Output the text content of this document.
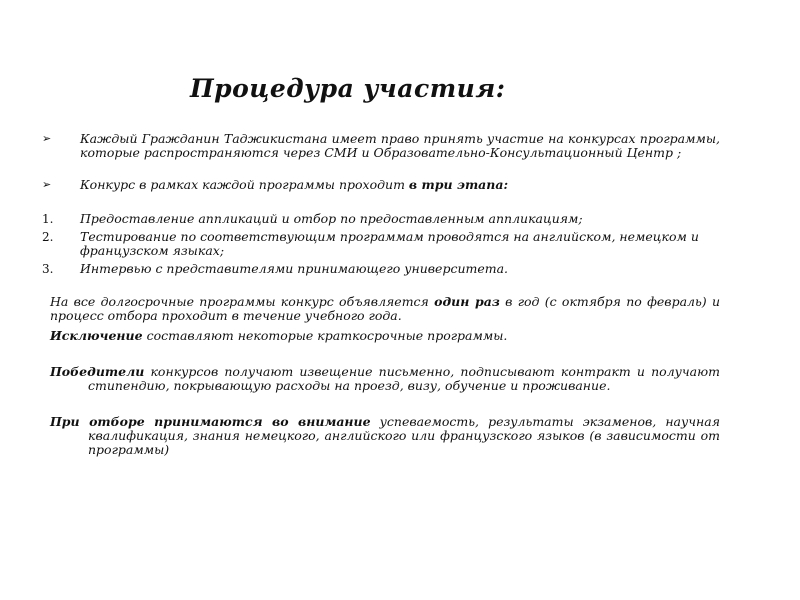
Процедура участия:
➢	Каждый Гражданин Таджикистана имеет право принять участие на конкурсах программы, которые распространяются через СМИ и Образовательно-Консультационный Центр ;
➢	Конкурс в рамках каждой программы проходит в три этапа:
1.	Предоставление аппликаций и отбор по предоставленным аппликациям;
2.	Тестирование по соответствующим программам проводятся на английском, немецком и французском языках;
3.	Интервью с представителями принимающего университета.
На все долгосрочные программы конкурс объявляется один раз в год (с октября по февраль) и процесс отбора проходит в течение учебного года.
Исключение составляют некоторые краткосрочные программы.
Победители конкурсов получают извещение письменно, подписывают контракт и получают стипендию, покрывающую расходы на проезд, визу, обучение и проживание.
При отборе принимаются во внимание успеваемость, результаты экзаменов, научная квалификация, знания немецкого, английского или французского языков (в зависимости от программы)
